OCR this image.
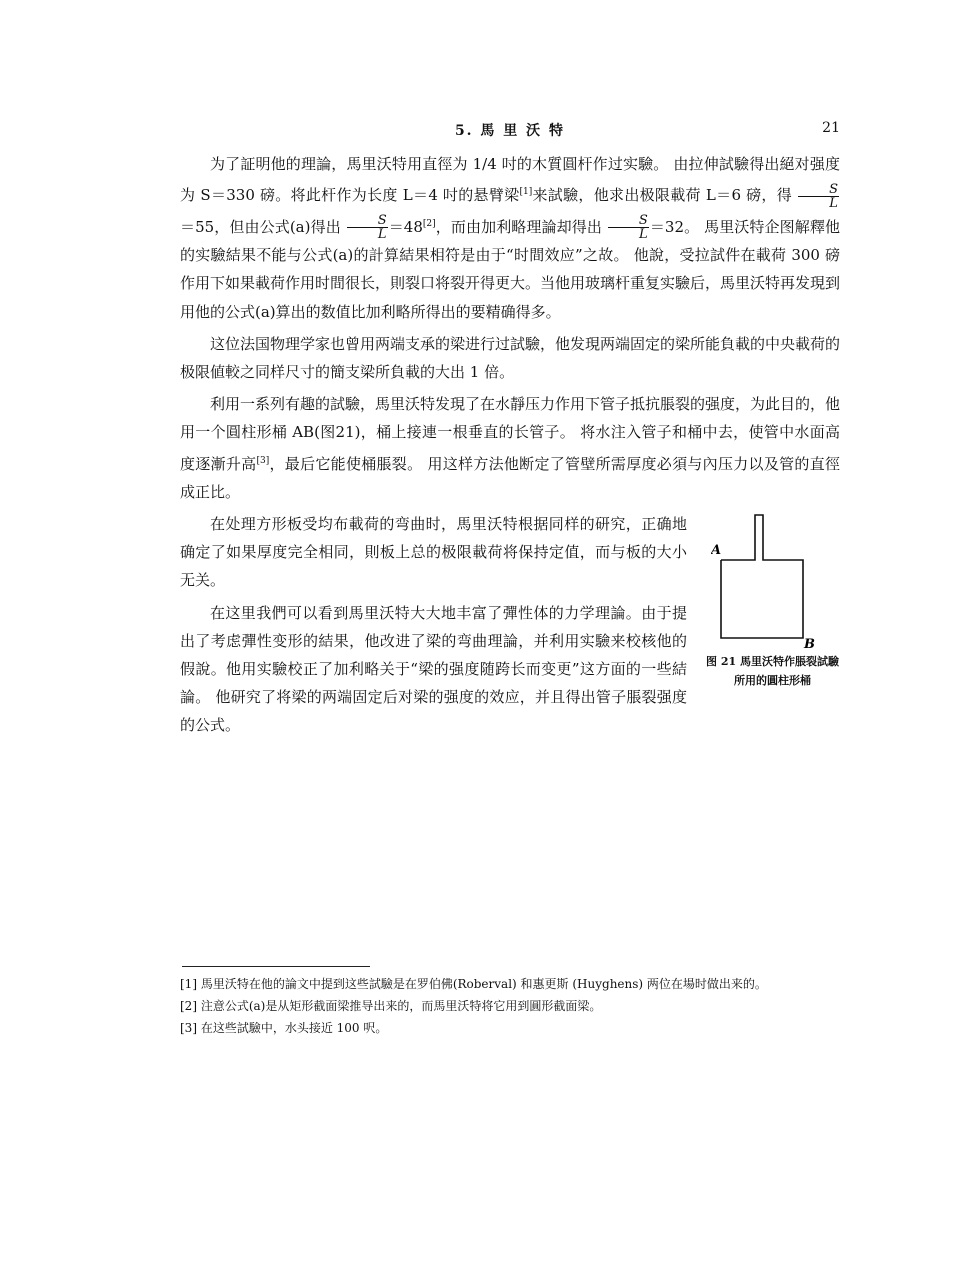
5. 馬 里 沃 特	21

为了証明他的理論，馬里沃特用直徑为 1/4 吋的木質圓杆作过实驗。 由拉伸試驗得出絕对强度为 S＝330 磅。将此杆作为长度 L＝4 吋的悬臂梁[1]来試驗，他求出极限載荷 L＝6 磅，得 $\frac{S}{L}$
＝55，但由公式(a)得出 $\frac{S}{L} =48[2]$，而由加利略理論却得出 $\frac{S}{L} =32$。 馬里沃特企图解釋他的实驗結果不能与公式(a)的計算結果相符是由于“时間效应”之故。 他說，受拉試件在載荷 300 磅作用下如果載荷作用时間很长，則裂口将裂开得更大。当他用玻璃杆重复实驗后，馬里沃特再发現到用他的公式(a)算出的数值比加利略所得出的要精确得多。

这位法国物理学家也曾用两端支承的梁进行过試驗，他发現两端固定的梁所能負載的中央載荷的极限値較之同样尺寸的簡支梁所負載的大出 1 倍。

利用一系列有趣的試驗，馬里沃特发現了在水靜压力作用下管子抵抗脹裂的强度，为此目的，他用一个圓柱形桶 AB(图21)，桶上接連一根垂直的长管子。 将水注入管子和桶中去，使管中水面高度逐漸升高[3]，最后它能使桶脹裂。 用这样方法他断定了管壁所需厚度必須与內压力以及管的直徑成正比。

A
B
图 21 馬里沃特作脹裂試驗所用的圓柱形桶

在处理方形板受均布載荷的弯曲时，馬里沃特根据同样的研究，正确地确定了如果厚度完全相同，則板上总的极限載荷将保持定值，而与板的大小无关。

在这里我們可以看到馬里沃特大大地丰富了彈性体的力学理論。由于提出了考虑彈性变形的結果，他改进了梁的弯曲理論，并利用实驗来校核他的假說。他用实驗校正了加利略关于“梁的强度随跨长而变更”这方面的一些結論。 他研究了将梁的两端固定后对梁的强度的效应，并且得出管子脹裂强度的公式。

[1] 馬里沃特在他的論文中提到这些試驗是在罗伯佛(Roberval) 和惠更斯 (Huyghens) 两位在場时做出来的。

[2] 注意公式(a)是从矩形截面梁推导出来的，而馬里沃特将它用到圓形截面梁。

[3] 在这些試驗中，水头接近 100 呎。
